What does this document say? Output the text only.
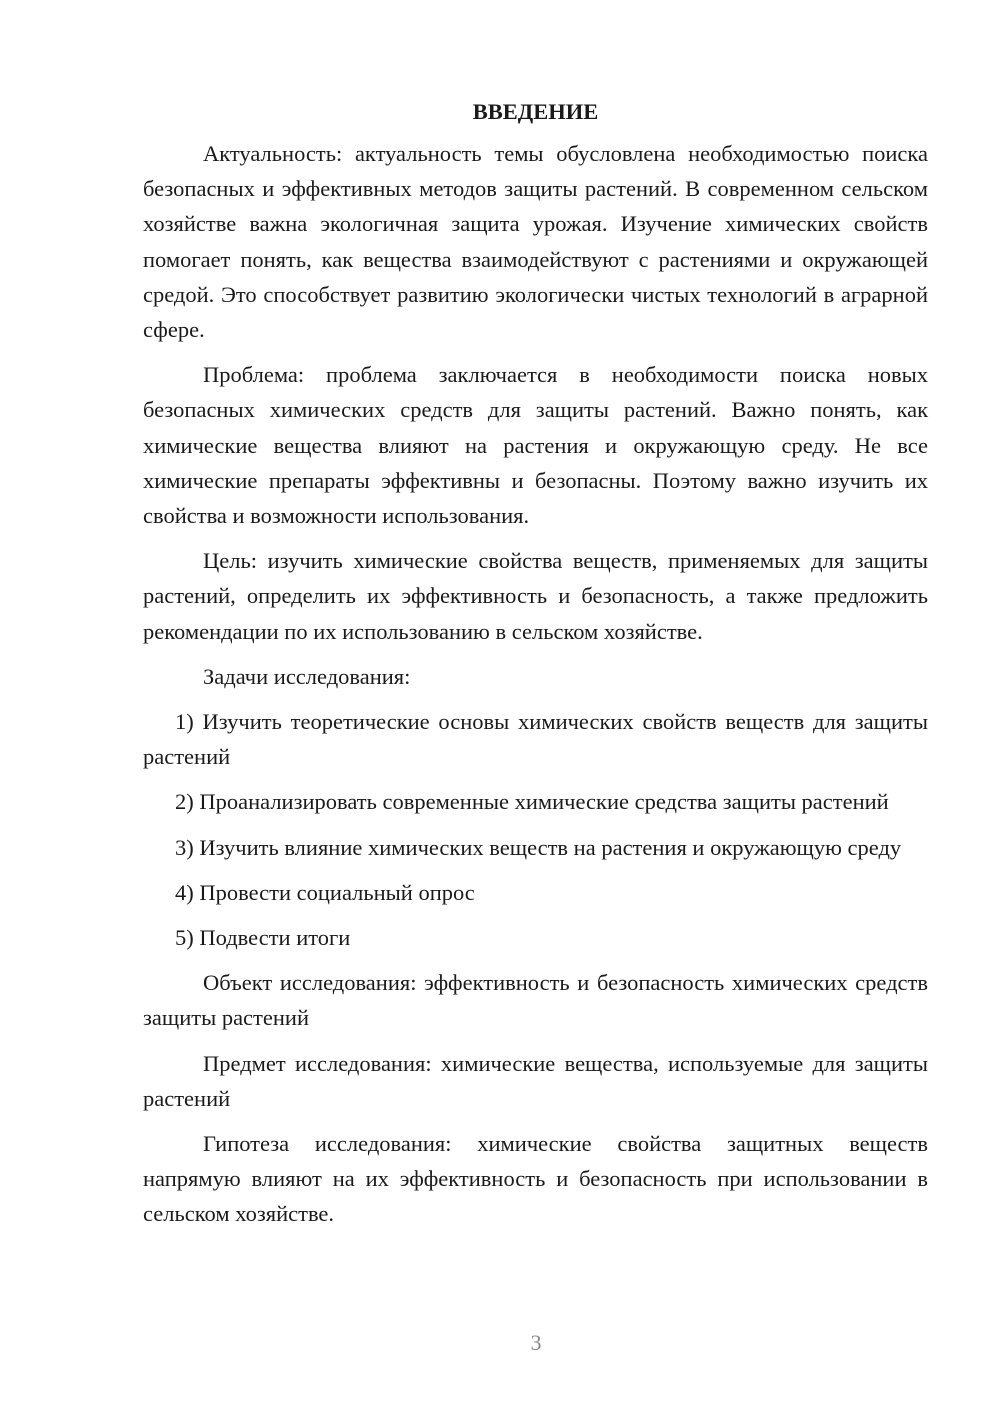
ВВЕДЕНИЕ

Актуальность: актуальность темы обусловлена необходимостью поиска безопасных и эффективных методов защиты растений. В современном сельском хозяйстве важна экологичная защита урожая. Изучение химических свойств помогает понять, как вещества взаимодействуют с растениями и окружающей средой. Это способствует развитию экологически чистых технологий в аграрной сфере.

Проблема: проблема заключается в необходимости поиска новых безопасных химических средств для защиты растений. Важно понять, как химические вещества влияют на растения и окружающую среду. Не все химические препараты эффективны и безопасны. Поэтому важно изучить их свойства и возможности использования.

Цель: изучить химические свойства веществ, применяемых для защиты растений, определить их эффективность и безопасность, а также предложить рекомендации по их использованию в сельском хозяйстве.

Задачи исследования:

1) Изучить теоретические основы химических свойств веществ для защиты растений

2) Проанализировать современные химические средства защиты растений

3) Изучить влияние химических веществ на растения и окружающую среду

4) Провести социальный опрос

5) Подвести итоги

Объект исследования: эффективность и безопасность химических средств защиты растений

Предмет исследования: химические вещества, используемые для защиты растений

Гипотеза исследования: химические свойства защитных веществ напрямую влияют на их эффективность и безопасность при использовании в сельском хозяйстве.

3
